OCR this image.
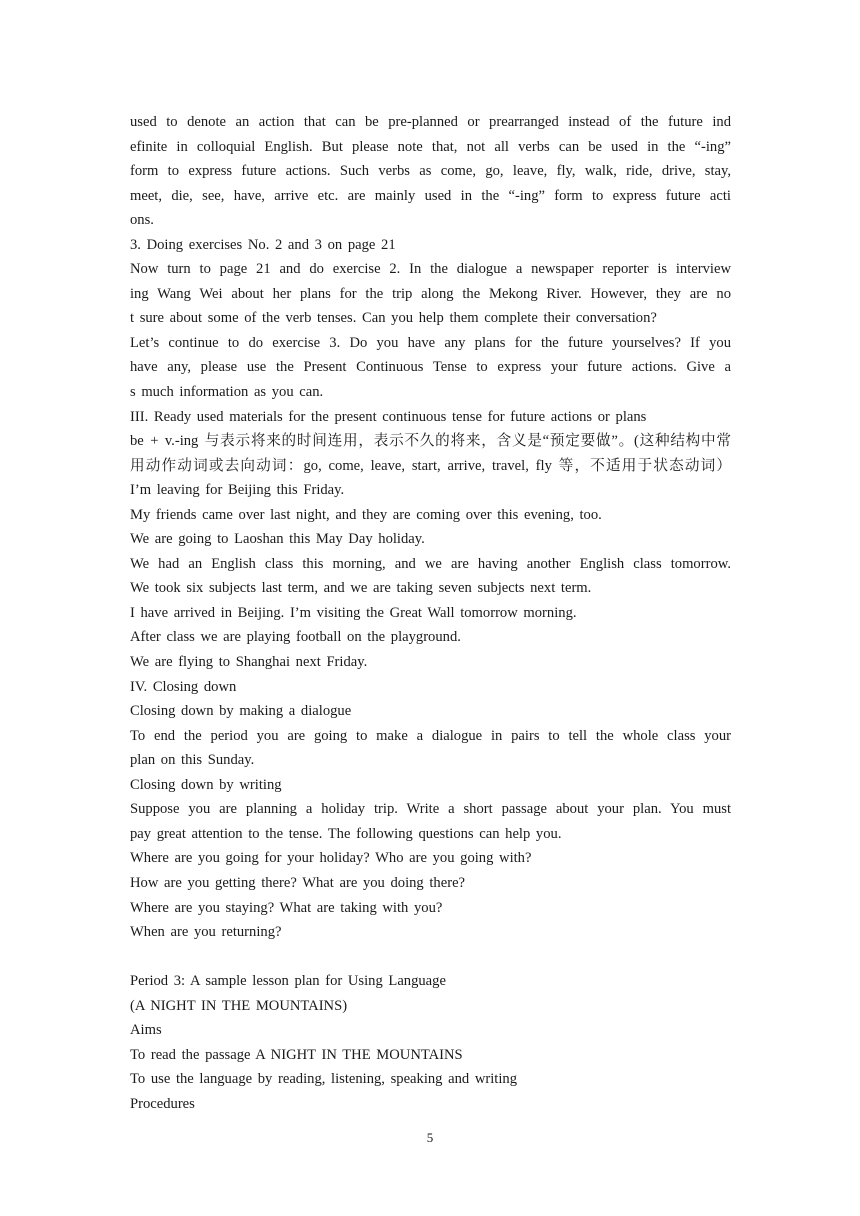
used to denote an action that can be pre-planned or prearranged instead of the future ind
efinite in colloquial English. But please note that, not all verbs can be used in the “-ing”
form to express future actions. Such verbs as come, go, leave, fly, walk, ride, drive, stay,
meet, die, see, have, arrive etc. are mainly used in the “-ing” form to express future acti
ons.
3. Doing exercises No. 2 and 3 on page 21
Now turn to page 21 and do exercise 2. In the dialogue a newspaper reporter is interview
ing Wang Wei about her plans for the trip along the Mekong River. However, they are no
t sure about some of the verb tenses. Can you help them complete their conversation?
Let’s continue to do exercise 3. Do you have any plans for the future yourselves? If you
have any, please use the Present Continuous Tense to express your future actions. Give a
s much information as you can.
III. Ready used materials for the present continuous tense for future actions or plans
be + v.-ing 与表示将来的时间连用，表示不久的将来，含义是“预定要做”。(这种结构中常
用动作动词或去向动词：go, come, leave, start, arrive, travel, fly 等，不适用于状态动词）
I’m leaving for Beijing this Friday.
My friends came over last night, and they are coming over this evening, too.
We are going to Laoshan this May Day holiday.
We had an English class this morning, and we are having another English class tomorrow.
We took six subjects last term, and we are taking seven subjects next term.
I have arrived in Beijing. I’m visiting the Great Wall tomorrow morning.
After class we are playing football on the playground.
We are flying to Shanghai next Friday.
IV. Closing down
Closing down by making a dialogue
To end the period you are going to make a dialogue in pairs to tell the whole class your
plan on this Sunday.
Closing down by writing
Suppose you are planning a holiday trip. Write a short passage about your plan. You must
pay great attention to the tense. The following questions can help you.
Where are you going for your holiday? Who are you going with?
How are you getting there? What are you doing there?
Where are you staying? What are taking with you?
When are you returning?
Period 3: A sample lesson plan for Using Language
(A NIGHT IN THE MOUNTAINS)
Aims
To read the passage A NIGHT IN THE MOUNTAINS
To use the language by reading, listening, speaking and writing
Procedures
5
